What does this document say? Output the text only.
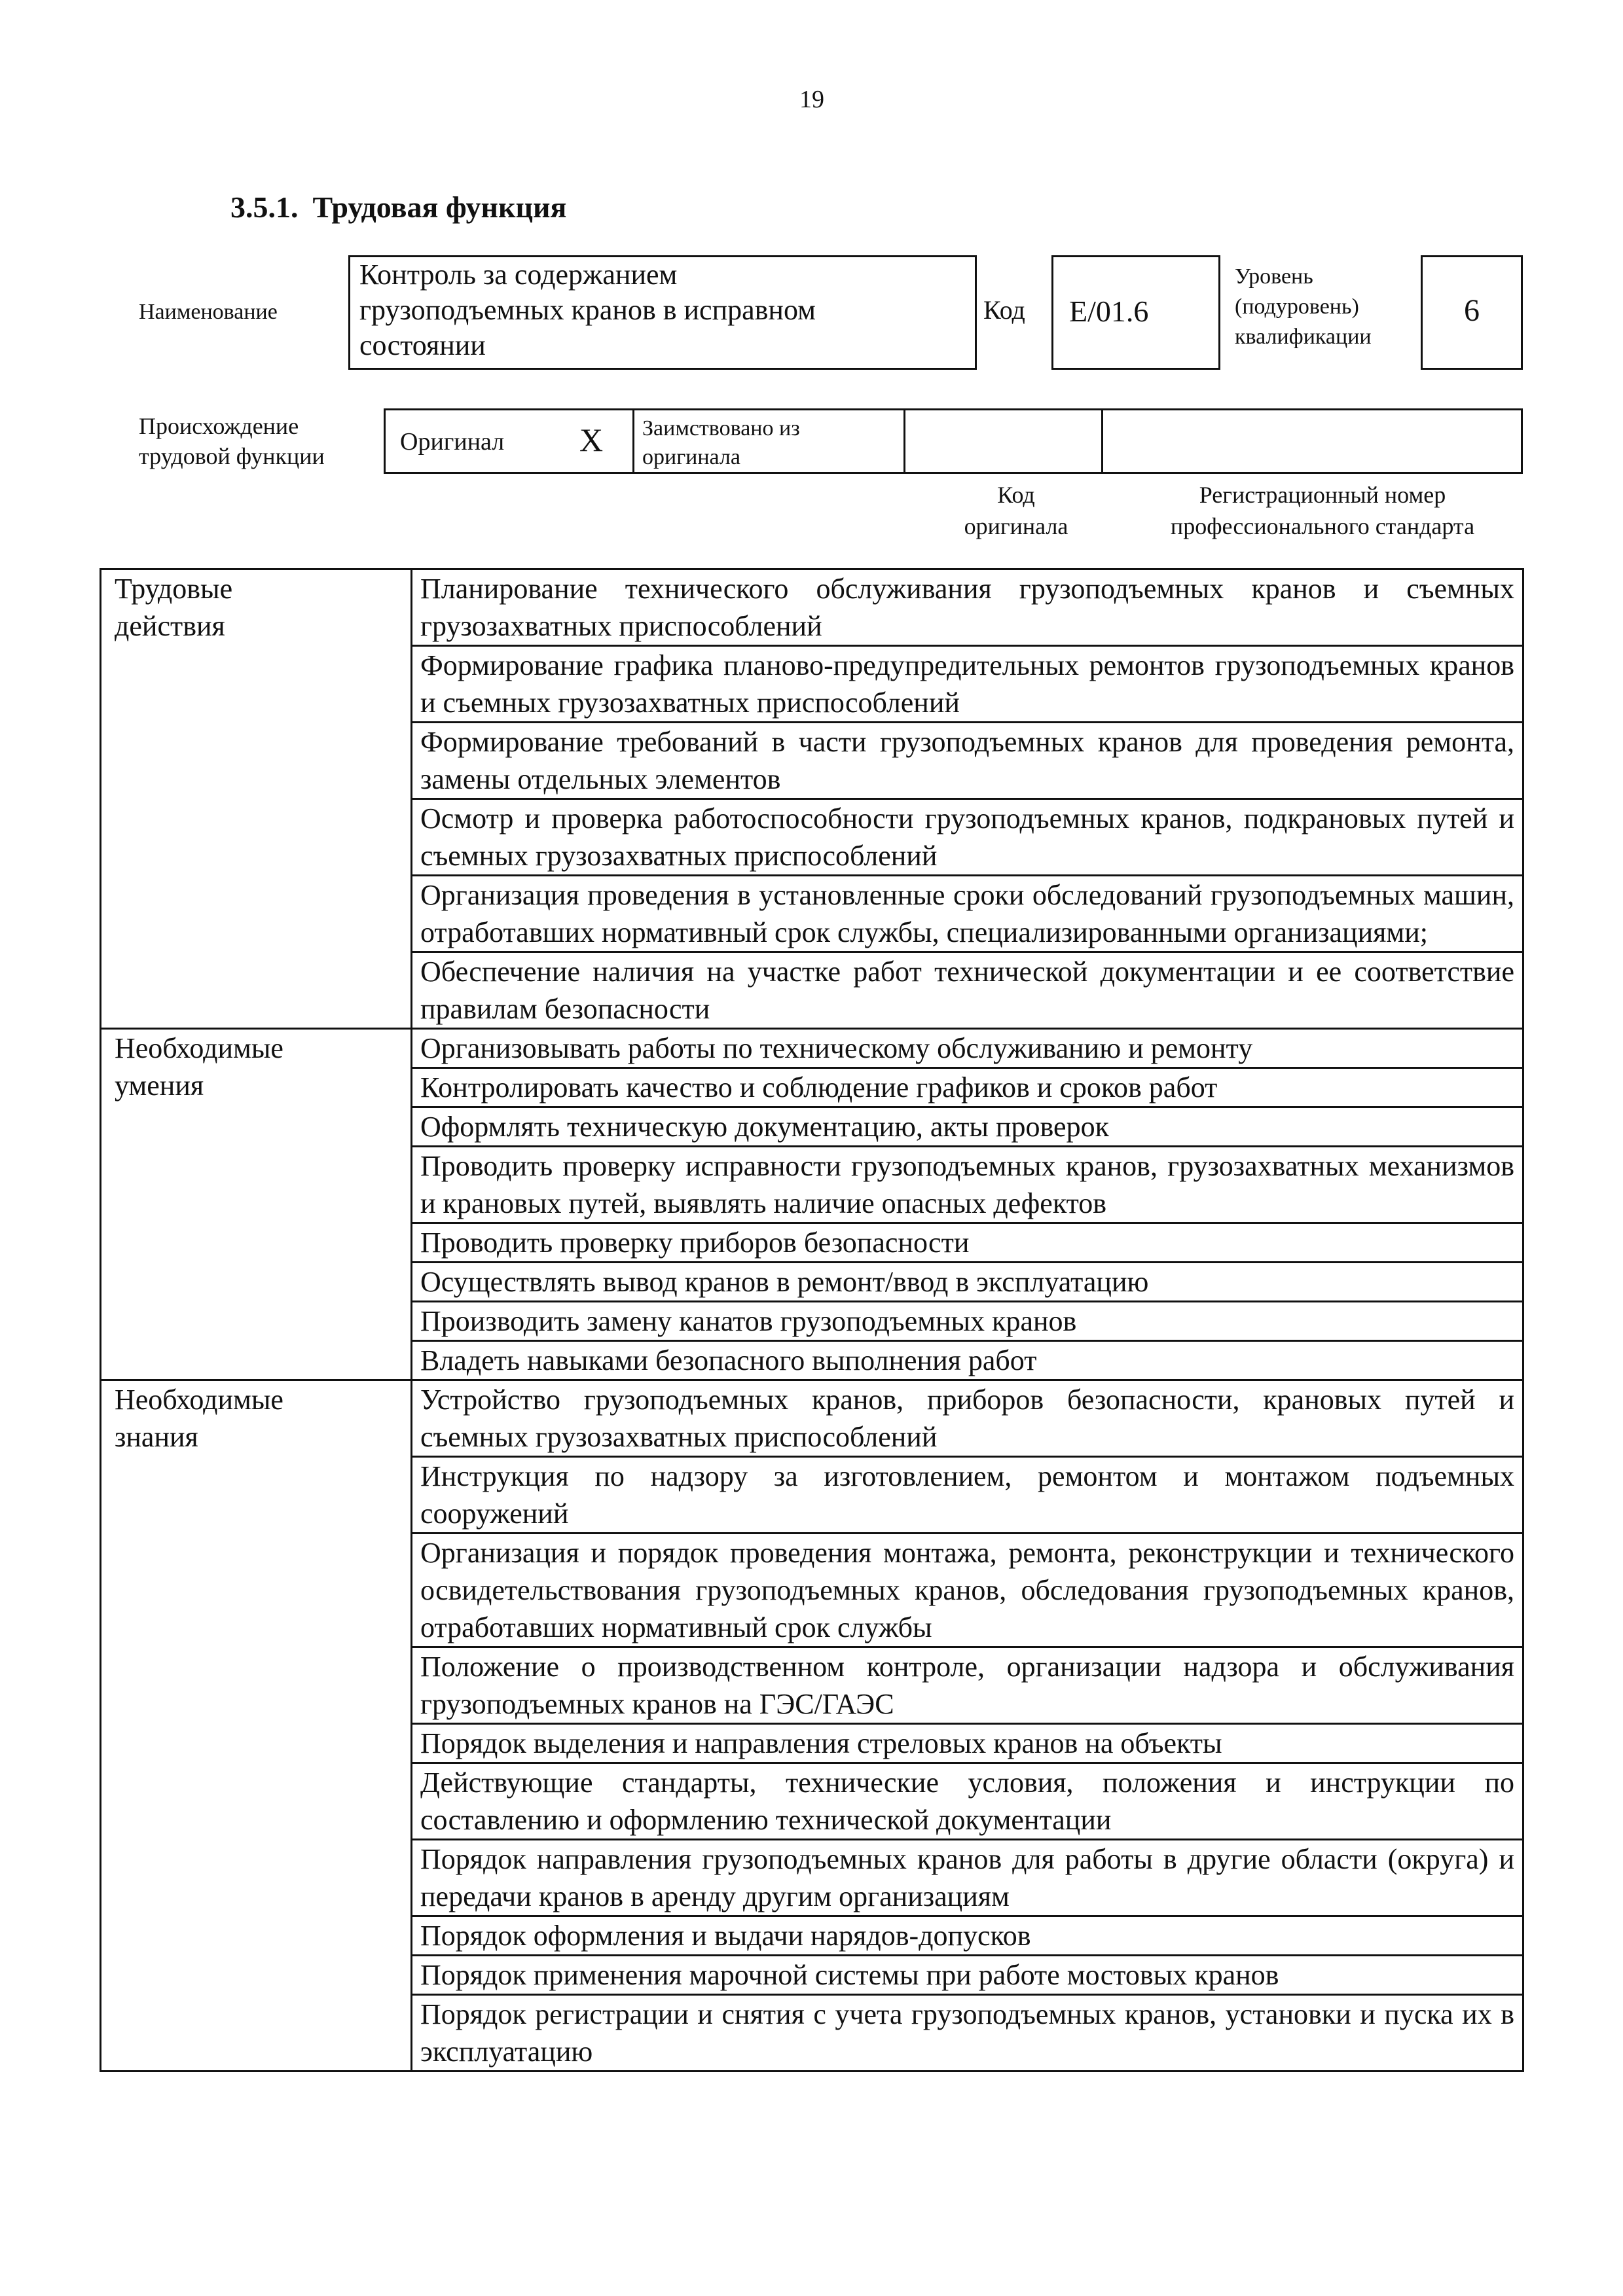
19
3.5.1. Трудовая функция
Наименование
Контроль за содержанием
грузоподъемных кранов в исправном
состоянии
Код	E/01.6
Уровень
(подуровень)
квалификации
6
Происхождение
трудовой функции
Оригинал X Заимствовано из
оригинала
Код
оригинала
Регистрационный номер
профессионального стандарта
Трудовые
действия	Планирование технического обслуживания грузоподъемных кранов и съемных грузозахватных приспособлений
	Формирование графика планово-предупредительных ремонтов грузоподъемных кранов и съемных грузозахватных приспособлений
	Формирование требований в части грузоподъемных кранов для проведения ремонта, замены отдельных элементов
	Осмотр и проверка работоспособности грузоподъемных кранов, подкрановых путей и съемных грузозахватных приспособлений
	Организация проведения в установленные сроки обследований грузоподъемных машин, отработавших нормативный срок службы, специализированными организациями;
	Обеспечение наличия на участке работ технической документации и ее соответствие правилам безопасности

Необходимые
умения	Организовывать работы по техническому обслуживанию и ремонту
	Контролировать качество и соблюдение графиков и сроков работ
	Оформлять техническую документацию, акты проверок
	Проводить проверку исправности грузоподъемных кранов, грузозахватных механизмов и крановых путей, выявлять наличие опасных дефектов
	Проводить проверку приборов безопасности
	Осуществлять вывод кранов в ремонт/ввод в эксплуатацию
	Производить замену канатов грузоподъемных кранов
	Владеть навыками безопасного выполнения работ

Необходимые
знания	Устройство грузоподъемных кранов, приборов безопасности, крановых путей и съемных грузозахватных приспособлений
	Инструкция по надзору за изготовлением, ремонтом и монтажом подъемных сооружений
	Организация и порядок проведения монтажа, ремонта, реконструкции и технического освидетельствования грузоподъемных кранов, обследования грузоподъемных кранов, отработавших нормативный срок службы
	Положение о производственном контроле, организации надзора и обслуживания грузоподъемных кранов на ГЭС/ГАЭС
	Порядок выделения и направления стреловых кранов на объекты
	Действующие стандарты, технические условия, положения и инструкции по составлению и оформлению технической документации
	Порядок направления грузоподъемных кранов для работы в другие области (округа) и передачи кранов в аренду другим организациям
	Порядок оформления и выдачи нарядов-допусков
	Порядок применения марочной системы при работе мостовых кранов
	Порядок регистрации и снятия с учета грузоподъемных кранов, установки и пуска их в эксплуатацию
